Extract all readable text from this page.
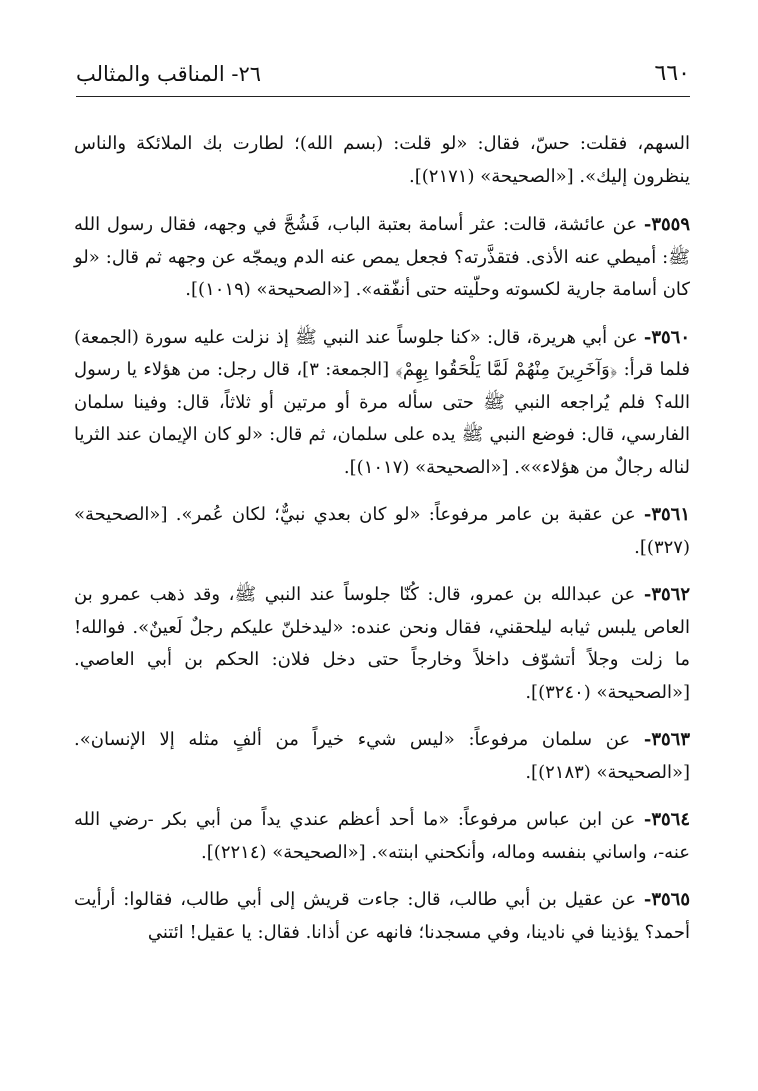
٦٦٠
٢٦- المناقب والمثالب

السهم، فقلت: حسّ، فقال: «لو قلت: (بسم الله)؛ لطارت بك الملائكة والناس ينظرون إليك». [«الصحيحة» (٢١٧١)].

٣٥٥٩- عن عائشة، قالت: عثر أسامة بعتبة الباب، فَشُجَّ في وجهه، فقال رسول الله ﷺ: أميطي عنه الأذى. فتقذَّرته؟ فجعل يمص عنه الدم ويمجّه عن وجهه ثم قال: «لو كان أسامة جارية لكسوته وحلّيته حتى أنفّقه». [«الصحيحة» (١٠١٩)].

٣٥٦٠- عن أبي هريرة، قال: «كنا جلوساً عند النبي ﷺ إذ نزلت عليه سورة (الجمعة) فلما قرأ: ﴿وَآخَرِينَ مِنْهُمْ لَمَّا يَلْحَقُوا بِهِمْ﴾ [الجمعة: ٣]، قال رجل: من هؤلاء يا رسول الله؟ فلم يُراجعه النبي ﷺ حتى سأله مرة أو مرتين أو ثلاثاً، قال: وفينا سلمان الفارسي، قال: فوضع النبي ﷺ يده على سلمان، ثم قال: «لو كان الإيمان عند الثريا لناله رجالٌ من هؤلاء»». [«الصحيحة» (١٠١٧)].

٣٥٦١- عن عقبة بن عامر مرفوعاً: «لو كان بعدي نبيٌّ؛ لكان عُمر». [«الصحيحة» (٣٢٧)].

٣٥٦٢- عن عبدالله بن عمرو، قال: كُنّا جلوساً عند النبي ﷺ، وقد ذهب عمرو بن العاص يلبس ثيابه ليلحقني، فقال ونحن عنده: «ليدخلنّ عليكم رجلٌ لَعينٌ». فوالله! ما زلت وجلاً أتشوّف داخلاً وخارجاً حتى دخل فلان: الحكم بن أبي العاصي. [«الصحيحة» (٣٢٤٠)].

٣٥٦٣- عن سلمان مرفوعاً: «ليس شيء خيراً من ألفٍ مثله إلا الإنسان». [«الصحيحة» (٢١٨٣)].

٣٥٦٤- عن ابن عباس مرفوعاً: «ما أحد أعظم عندي يداً من أبي بكر -رضي الله عنه-، واساني بنفسه وماله، وأنكحني ابنته». [«الصحيحة» (٢٢١٤)].

٣٥٦٥- عن عقيل بن أبي طالب، قال: جاءت قريش إلى أبي طالب، فقالوا: أرأيت أحمد؟ يؤذينا في نادينا، وفي مسجدنا؛ فانهه عن أذانا. فقال: يا عقيل! ائتني
